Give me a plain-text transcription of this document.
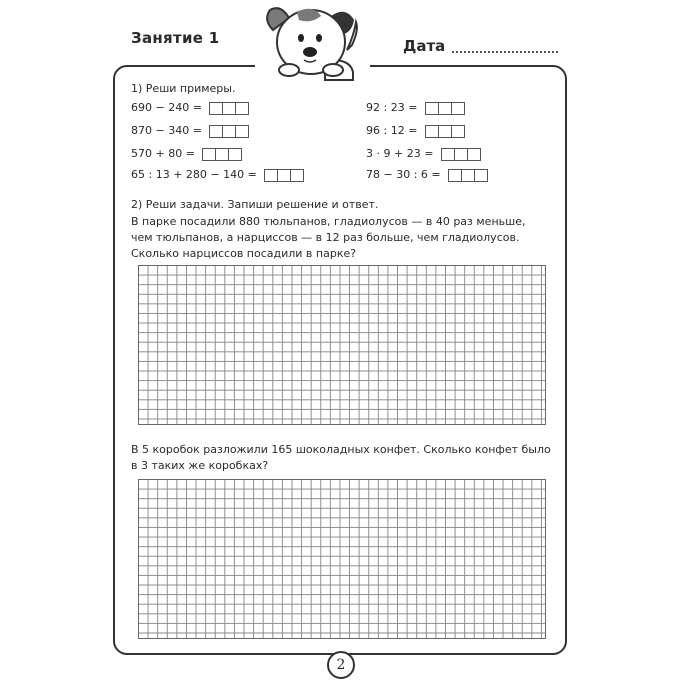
Занятие 1	Дата
1) Реши примеры.
690 − 240 =
870 − 340 =
570 + 80 =
65 : 13 + 280 − 140 =
92 : 23 =
96 : 12 =
3 · 9 + 23 =
78 − 30 : 6 =
2) Реши задачи. Запиши решение и ответ.
В парке посадили 880 тюльпанов, гладиолусов — в 40 раз меньше,
чем тюльпанов, а нарциссов — в 12 раз больше, чем гладиолусов.
Сколько нарциссов посадили в парке?
В 5 коробок разложили 165 шоколадных конфет. Сколько конфет было
в 3 таких же коробках?
2
